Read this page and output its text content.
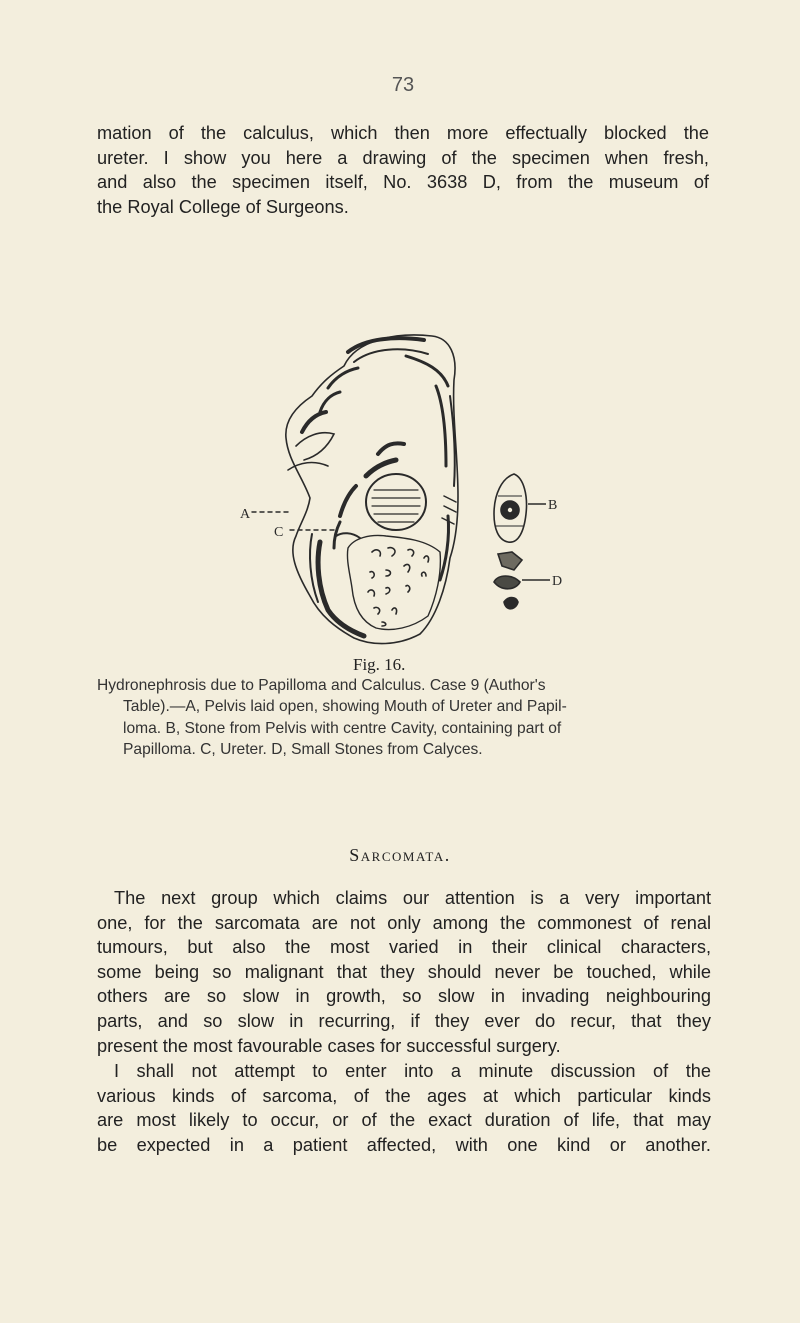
73

mation of the calculus, which then more effectually blocked the
ureter. I show you here a drawing of the specimen when fresh,
and also the specimen itself, No. 3638 D, from the museum of
the Royal College of Surgeons.

A
C
B
D
Fig. 16.
Hydronephrosis due to Papilloma and Calculus. Case 9 (Author's
Table).—A, Pelvis laid open, showing Mouth of Ureter and Papil-
loma. B, Stone from Pelvis with centre Cavity, containing part of
Papilloma. C, Ureter. D, Small Stones from Calyces.
Sarcomata.

The next group which claims our attention is a very important
one, for the sarcomata are not only among the commonest of renal
tumours, but also the most varied in their clinical characters,
some being so malignant that they should never be touched, while
others are so slow in growth, so slow in invading neighbouring
parts, and so slow in recurring, if they ever do recur, that they
present the most favourable cases for successful surgery.

I shall not attempt to enter into a minute discussion of the
various kinds of sarcoma, of the ages at which particular kinds
are most likely to occur, or of the exact duration of life, that may
be expected in a patient affected, with one kind or another.
